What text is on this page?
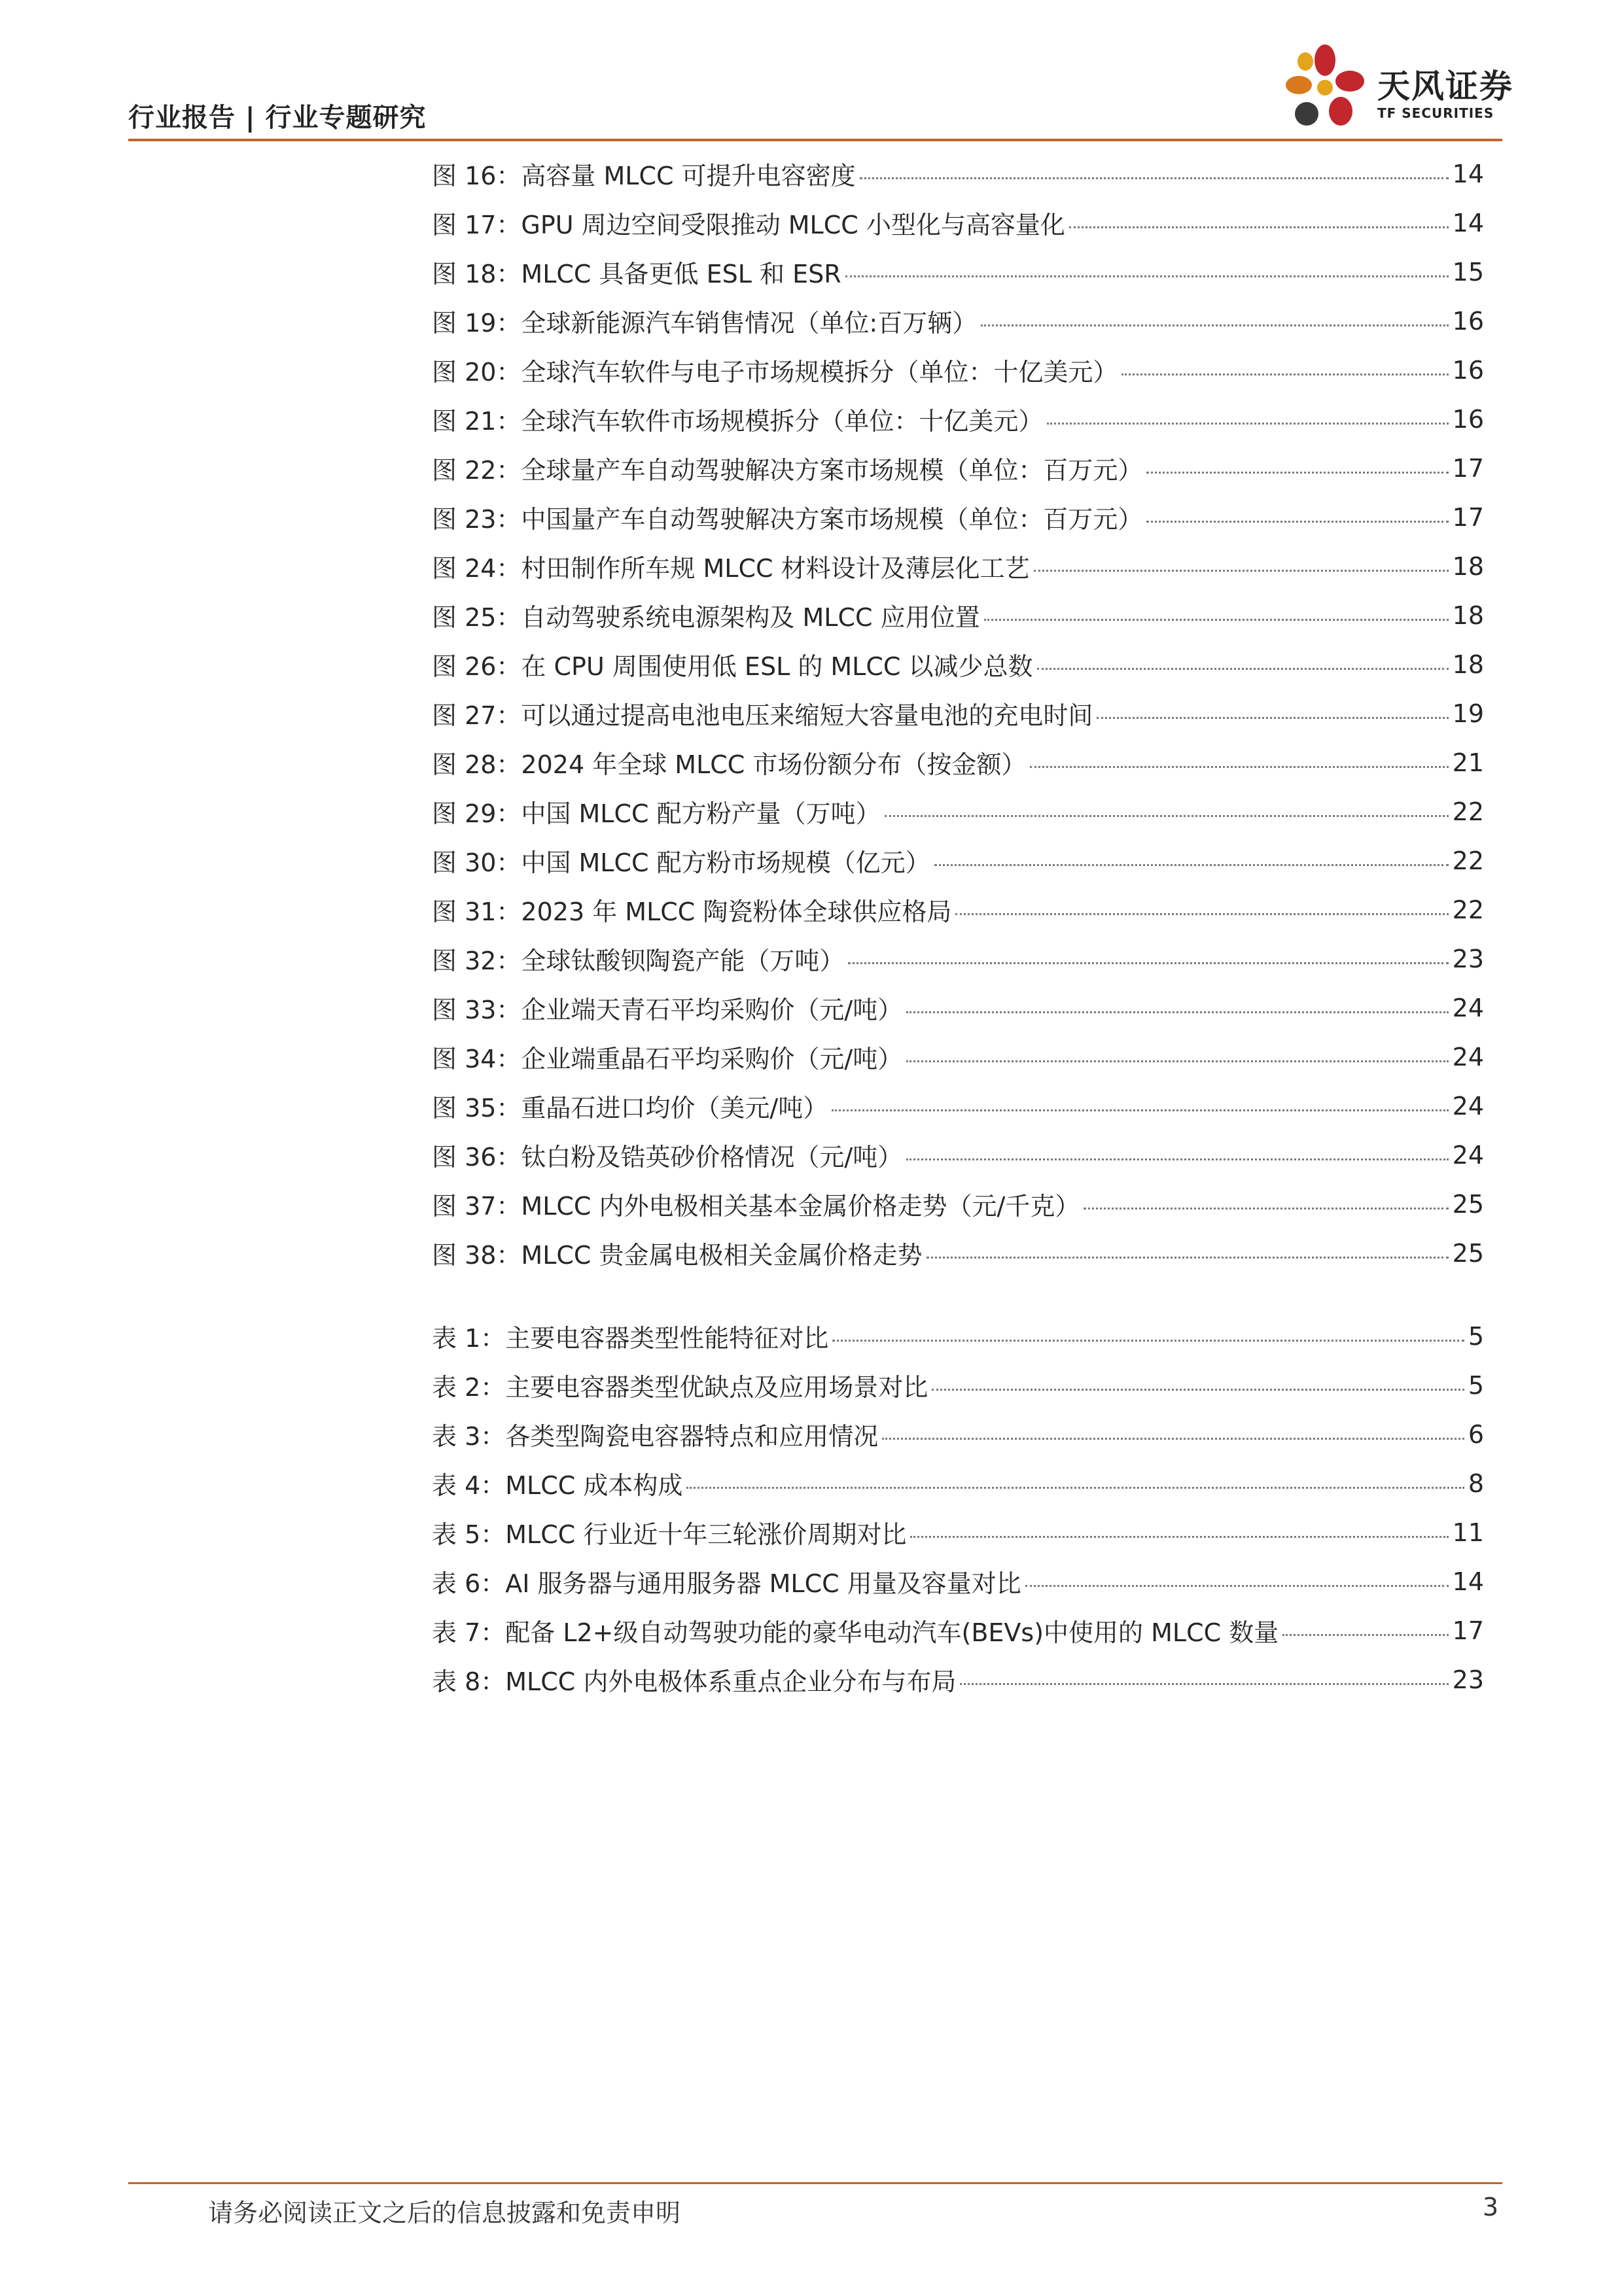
行业报告 | 行业专题研究
天风证券
TF SECURITIES
图 16：高容量 MLCC 可提升电容密度	14
图 17：GPU 周边空间受限推动 MLCC 小型化与高容量化	14
图 18：MLCC 具备更低 ESL 和 ESR	15
图 19：全球新能源汽车销售情况（单位:百万辆）	16
图 20：全球汽车软件与电子市场规模拆分（单位：十亿美元）	16
图 21：全球汽车软件市场规模拆分（单位：十亿美元）	16
图 22：全球量产车自动驾驶解决方案市场规模（单位：百万元）	17
图 23：中国量产车自动驾驶解决方案市场规模（单位：百万元）	17
图 24：村田制作所车规 MLCC 材料设计及薄层化工艺	18
图 25：自动驾驶系统电源架构及 MLCC 应用位置	18
图 26：在 CPU 周围使用低 ESL 的 MLCC 以减少总数	18
图 27：可以通过提高电池电压来缩短大容量电池的充电时间	19
图 28：2024 年全球 MLCC 市场份额分布（按金额）	21
图 29：中国 MLCC 配方粉产量（万吨）	22
图 30：中国 MLCC 配方粉市场规模（亿元）	22
图 31：2023 年 MLCC 陶瓷粉体全球供应格局	22
图 32：全球钛酸钡陶瓷产能（万吨）	23
图 33：企业端天青石平均采购价（元/吨）	24
图 34：企业端重晶石平均采购价（元/吨）	24
图 35：重晶石进口均价（美元/吨）	24
图 36：钛白粉及锆英砂价格情况（元/吨）	24
图 37：MLCC 内外电极相关基本金属价格走势（元/千克）	25
图 38：MLCC 贵金属电极相关金属价格走势	25
表 1：主要电容器类型性能特征对比	5
表 2：主要电容器类型优缺点及应用场景对比	5
表 3：各类型陶瓷电容器特点和应用情况	6
表 4：MLCC 成本构成	8
表 5：MLCC 行业近十年三轮涨价周期对比	11
表 6：AI 服务器与通用服务器 MLCC 用量及容量对比	14
表 7：配备 L2+级自动驾驶功能的豪华电动汽车(BEVs)中使用的 MLCC 数量	17
表 8：MLCC 内外电极体系重点企业分布与布局	23
请务必阅读正文之后的信息披露和免责申明	3
